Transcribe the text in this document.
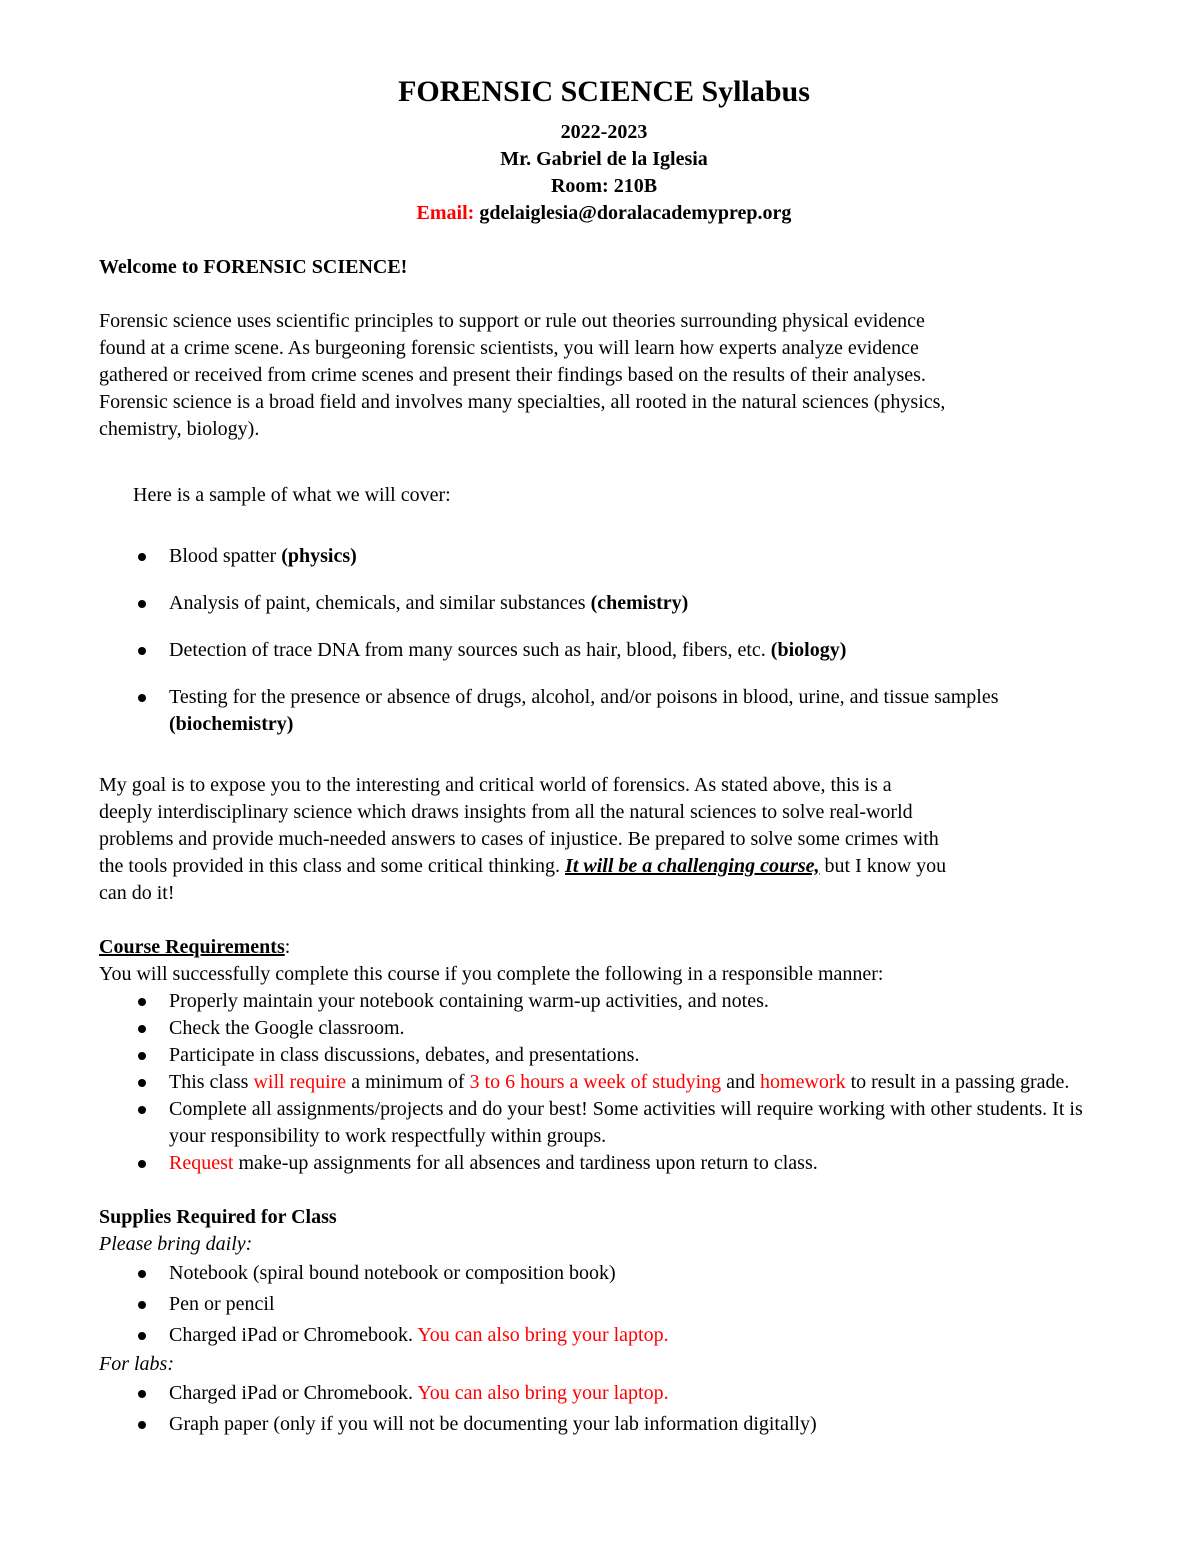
FORENSIC SCIENCE Syllabus
2022-2023
Mr. Gabriel de la Iglesia
Room: 210B
Email: gdelaiglesia@doralacademyprep.org

Welcome to FORENSIC SCIENCE!

Forensic science uses scientific principles to support or rule out theories surrounding physical evidence

found at a crime scene. As burgeoning forensic scientists, you will learn how experts analyze evidence

gathered or received from crime scenes and present their findings based on the results of their analyses.

Forensic science is a broad field and involves many specialties, all rooted in the natural sciences (physics,

chemistry, biology).

Here is a sample of what we will cover:

Blood spatter (physics)
Analysis of paint, chemicals, and similar substances (chemistry)
Detection of trace DNA from many sources such as hair, blood, fibers, etc. (biology)
Testing for the presence or absence of drugs, alcohol, and/or poisons in blood, urine, and tissue samples (biochemistry)

My goal is to expose you to the interesting and critical world of forensics. As stated above, this is a

deeply interdisciplinary science which draws insights from all the natural sciences to solve real-world

problems and provide much-needed answers to cases of injustice. Be prepared to solve some crimes with

the tools provided in this class and some critical thinking. It will be a challenging course, but I know you

can do it!

Course Requirements:

You will successfully complete this course if you complete the following in a responsible manner:

Properly maintain your notebook containing warm-up activities, and notes.
Check the Google classroom.
Participate in class discussions, debates, and presentations.
This class will require a minimum of 3 to 6 hours a week of studying and homework to result in a passing grade.
Complete all assignments/projects and do your best! Some activities will require working with other students. It is your responsibility to work respectfully within groups.
Request make-up assignments for all absences and tardiness upon return to class.

Supplies Required for Class

Please bring daily:

Notebook (spiral bound notebook or composition book)
Pen or pencil
Charged iPad or Chromebook. You can also bring your laptop.

For labs:

Charged iPad or Chromebook. You can also bring your laptop.
Graph paper (only if you will not be documenting your lab information digitally)
